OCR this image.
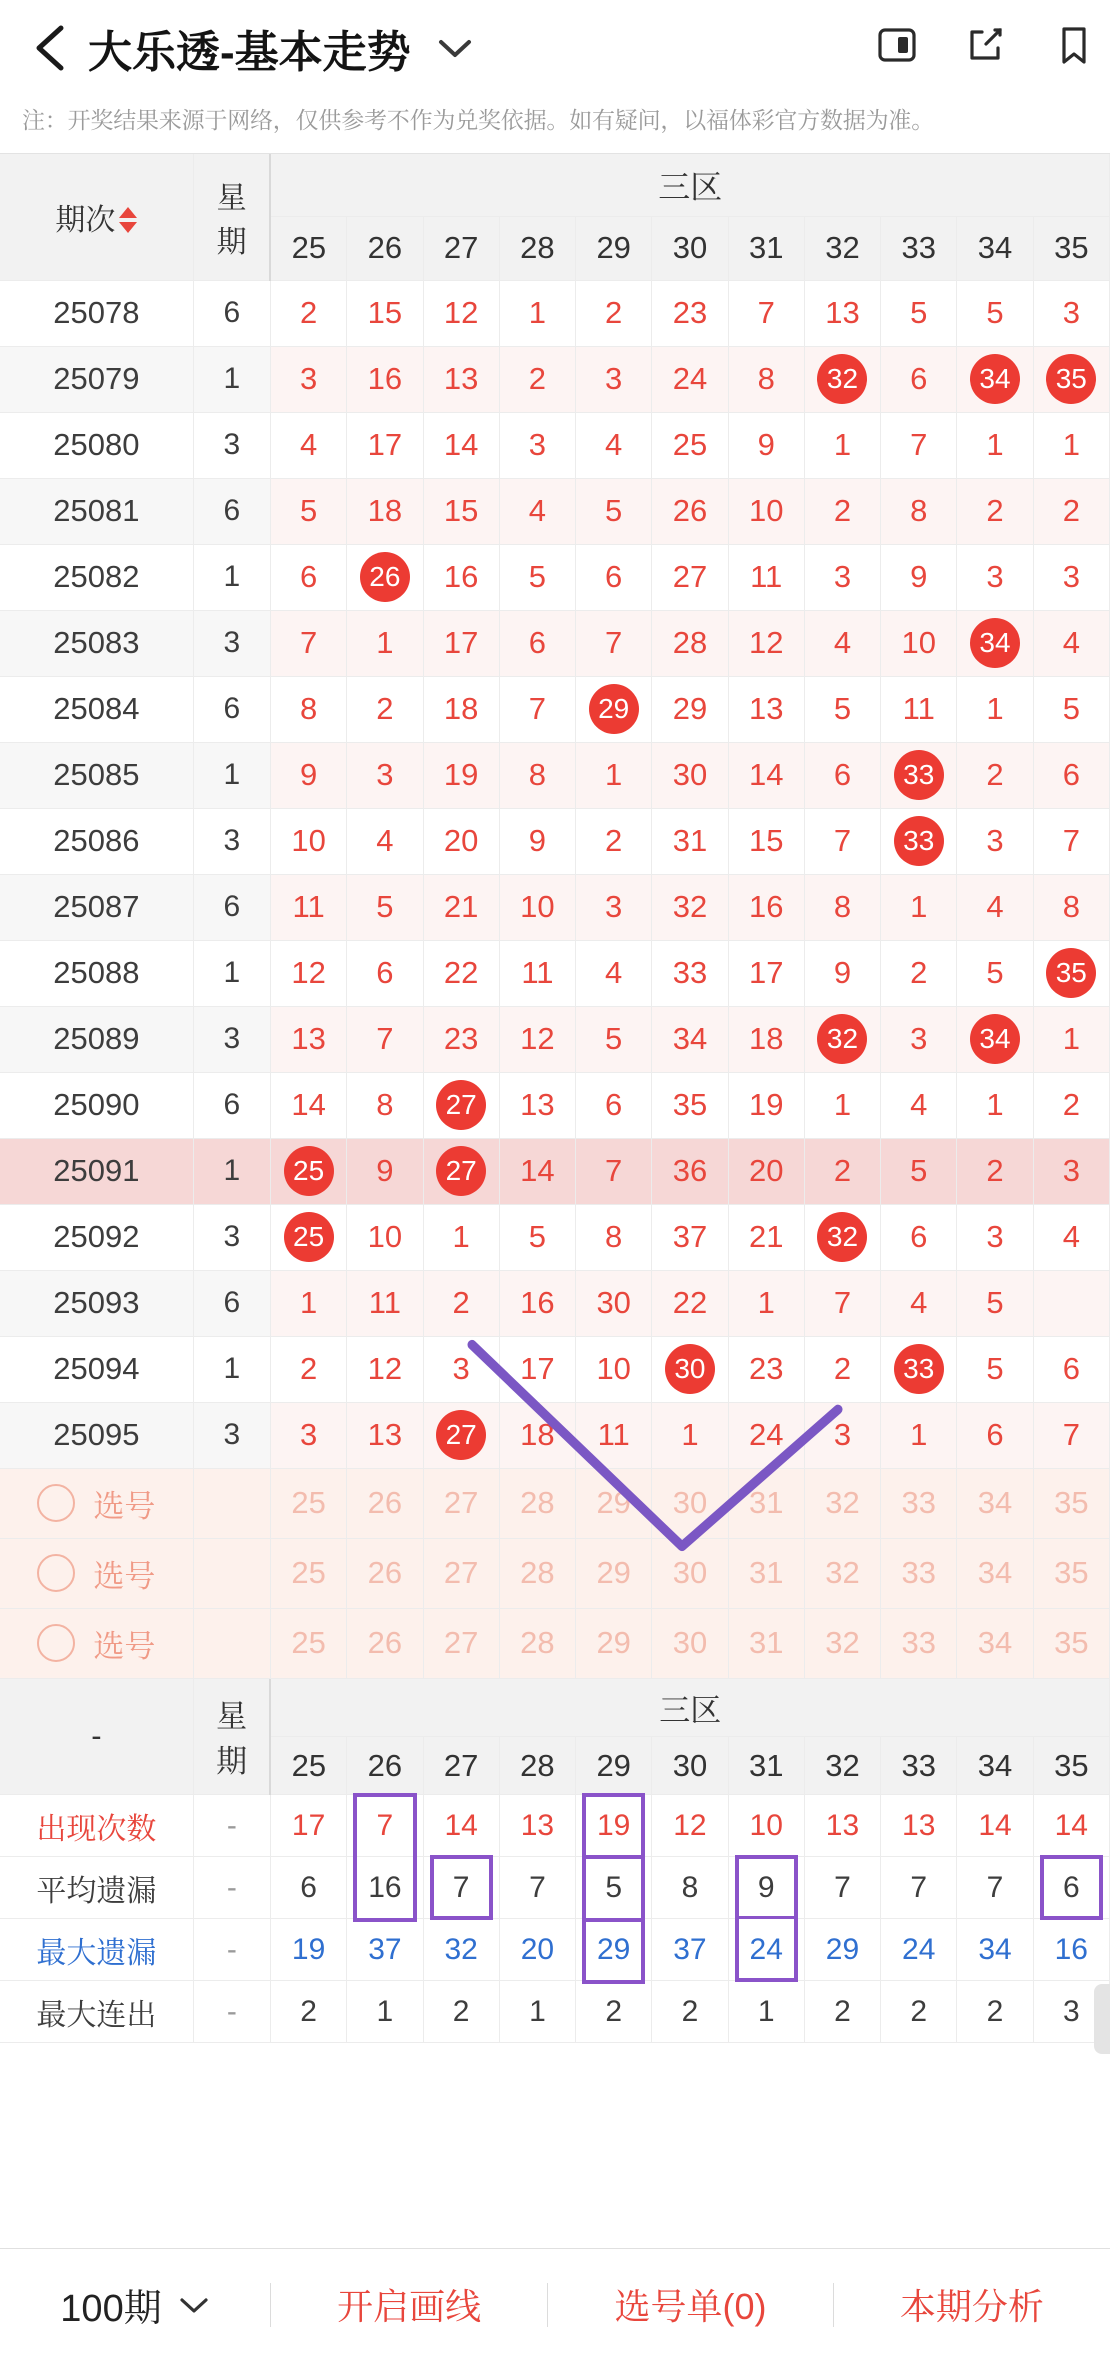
大乐透-基本走势
注：开奖结果来源于网络，仅供参考不作为兑奖依据。如有疑问，以福体彩官方数据为准。
期次	星
期	三区										
		25	26	27	28	29	30	31	32	33	34	35
25078	6	2	15	12	1	2	23	7	13	5	5	3
25079	1	3	16	13	2	3	24	8	32	6	34	35
25080	3	4	17	14	3	4	25	9	1	7	1	1
25081	6	5	18	15	4	5	26	10	2	8	2	2
25082	1	6	26	16	5	6	27	11	3	9	3	3
25083	3	7	1	17	6	7	28	12	4	10	34	4
25084	6	8	2	18	7	29	29	13	5	11	1	5
25085	1	9	3	19	8	1	30	14	6	33	2	6
25086	3	10	4	20	9	2	31	15	7	33	3	7
25087	6	11	5	21	10	3	32	16	8	1	4	8
25088	1	12	6	22	11	4	33	17	9	2	5	35
25089	3	13	7	23	12	5	34	18	32	3	34	1
25090	6	14	8	27	13	6	35	19	1	4	1	2
25091	1	25	9	27	14	7	36	20	2	5	2	3
25092	3	25	10	1	5	8	37	21	32	6	3	4
25093	6	1	11	2	16	30	22	1	7	4	5	
25094	1	2	12	3	17	10	30	23	2	33	5	6
25095	3	3	13	27	18	11	1	24	3	1	6	7
选号		25	26	27	28	29	30	31	32	33	34	35
选号		25	26	27	28	29	30	31	32	33	34	35
选号		25	26	27	28	29	30	31	32	33	34	35
-	星
期	三区										
		25	26	27	28	29	30	31	32	33	34	35
出现次数	-	17	7	14	13	19	12	10	13	13	14	14
平均遗漏	-	6	16	7	7	5	8	9	7	7	7	6

最大遗漏	-	19	37	32	20	29	37	24	29	24	34	16
最大连出	-	2	1	2	1	2	2	1	2	2	2	3
100期	开启画线	选号单(0)	本期分析
